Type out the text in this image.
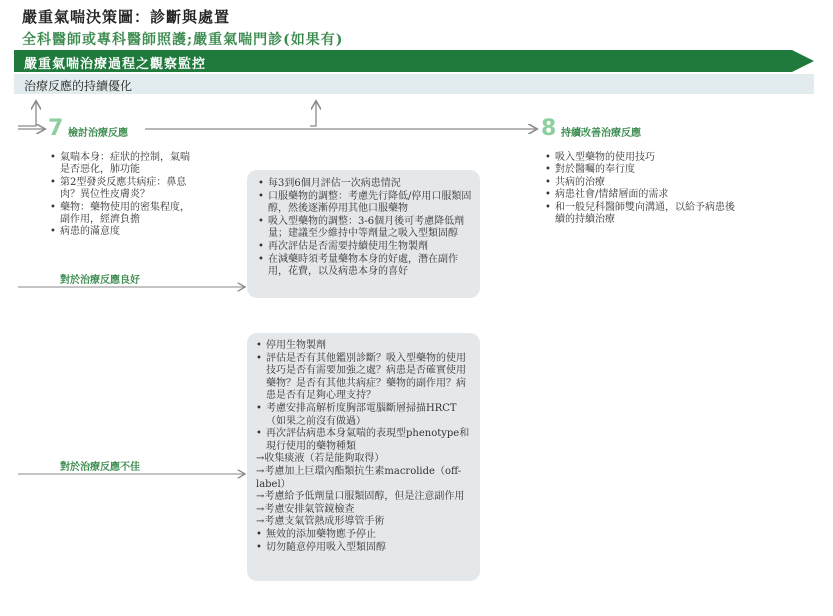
嚴重氣喘決策圖：診斷與處置
全科醫師或專科醫師照護;嚴重氣喘門診(如果有)
嚴重氣喘治療過程之觀察監控
治療反應的持續優化
7 檢討治療反應
• 氣喘本身：症狀的控制，氣喘是否惡化，肺功能
• 第2型發炎反應共病症：鼻息肉？異位性皮膚炎？
• 藥物：藥物使用的密集程度，副作用，經濟負擔
• 病患的滿意度
8 持續改善治療反應
• 吸入型藥物的使用技巧
• 對於醫囑的奉行度
• 共病的治療
• 病患社會/情緒層面的需求
• 和一般兒科醫師雙向溝通，以給予病患後續的持續治療
對於治療反應良好
• 每3到6個月評估一次病患情況
• 口服藥物的調整：考慮先行降低/停用口服類固醇，然後逐漸停用其他口服藥物
• 吸入型藥物的調整：3-6個月後可考慮降低劑量；建議至少維持中等劑量之吸入型類固醇
• 再次評估是否需要持續使用生物製劑
• 在減藥時須考量藥物本身的好處，潛在副作用，花費，以及病患本身的喜好
對於治療反應不佳
• 停用生物製劑
• 評估是否有其他鑑別診斷？吸入型藥物的使用技巧是否有需要加強之處？病患是否確實使用藥物？是否有其他共病症？藥物的副作用？病患是否有足夠心理支持？
• 考慮安排高解析度胸部電腦斷層掃描HRCT（如果之前沒有做過）
• 再次評估病患本身氣喘的表現型phenotype和現行使用的藥物種類
→收集痰液（若是能夠取得）
→考慮加上巨環內酯類抗生素macrolide（off-label）
→考慮給予低劑量口服類固醇，但是注意副作用
→考慮安排氣管鏡檢查
→考慮支氣管熱成形導管手術
• 無效的添加藥物應予停止
• 切勿隨意停用吸入型類固醇
